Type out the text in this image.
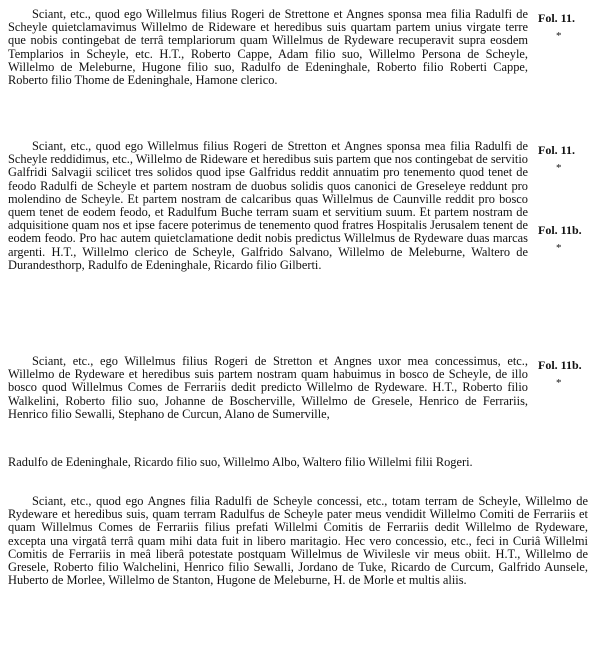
Sciant, etc., quod ego Willelmus filius Rogeri de Strettone et Angnes sponsa mea filia Radulfi de Scheyle quietclamavimus Willelmo de Rideware et heredibus suis quartam partem unius virgate terre que nobis contingebat de terrâ templariorum quam Willelmus de Rydeware recuperavit supra eosdem Templarios in Scheyle, etc. H.T., Roberto Cappe, Adam filio suo, Willelmo Persona de Scheyle, Willelmo de Meleburne, Hugone filio suo, Radulfo de Edeninghale, Roberto filio Roberti Cappe, Roberto filio Thome de Edeninghale, Hamone clerico.

Fol. 11.
*

Sciant, etc., quod ego Willelmus filius Rogeri de Stretton et Angnes sponsa mea filia Radulfi de Scheyle reddidimus, etc., Willelmo de Rideware et heredibus suis partem que nos contingebat de servitio Galfridi Salvagii scilicet tres solidos quod ipse Galfridus reddit annuatim pro tenemento quod tenet de feodo Radulfi de Scheyle et partem nostram de duobus solidis quos canonici de Greseleye reddunt pro molendino de Scheyle. Et partem nostram de calcaribus quas Willelmus de Caunville reddit pro bosco quem tenet de eodem feodo, et Radulfum Buche terram suam et servitium suum. Et partem nostram de adquisitione quam nos et ipse facere poterimus de tenemento quod fratres Hospitalis Jerusalem tenent de eodem feodo. Pro hac autem quietclamatione dedit nobis predictus Willelmus de Rydeware duas marcas argenti. H.T., Willelmo clerico de Scheyle, Galfrido Salvano, Willelmo de Meleburne, Waltero de Durandesthorp, Radulfo de Edeninghale, Ricardo filio Gilberti.

Fol. 11.
*
Fol. 11b.
*

Sciant, etc., ego Willelmus filius Rogeri de Stretton et Angnes uxor mea concessimus, etc., Willelmo de Rydeware et heredibus suis partem nostram quam habuimus in bosco de Scheyle, de illo bosco quod Willelmus Comes de Ferrariis dedit predicto Willelmo de Rydeware. H.T., Roberto filio Walkelini, Roberto filio suo, Johanne de Boscherville, Willelmo de Gresele, Henrico de Ferrariis, Henrico filio Sewalli, Stephano de Curcun, Alano de Sumerville,

Fol. 11b.
*

Radulfo de Edeninghale, Ricardo filio suo, Willelmo Albo, Waltero filio Willelmi filii Rogeri.

Sciant, etc., quod ego Angnes filia Radulfi de Scheyle concessi, etc., totam terram de Scheyle, Willelmo de Rydeware et heredibus suis, quam terram Radulfus de Scheyle pater meus vendidit Willelmo Comiti de Ferrariis et quam Willelmus Comes de Ferrariis filius prefati Willelmi Comitis de Ferrariis dedit Willelmo de Rydeware, excepta una virgatâ terrâ quam mihi data fuit in libero maritagio. Hec vero concessio, etc., feci in Curiâ Willelmi Comitis de Ferrariis in meâ liberâ potestate postquam Willelmus de Wivilesle vir meus obiit. H.T., Willelmo de Gresele, Roberto filio Walchelini, Henrico filio Sewalli, Jordano de Tuke, Ricardo de Curcum, Galfrido Aunsele, Huberto de Morlee, Willelmo de Stanton, Hugone de Meleburne, H. de Morle et multis aliis.
